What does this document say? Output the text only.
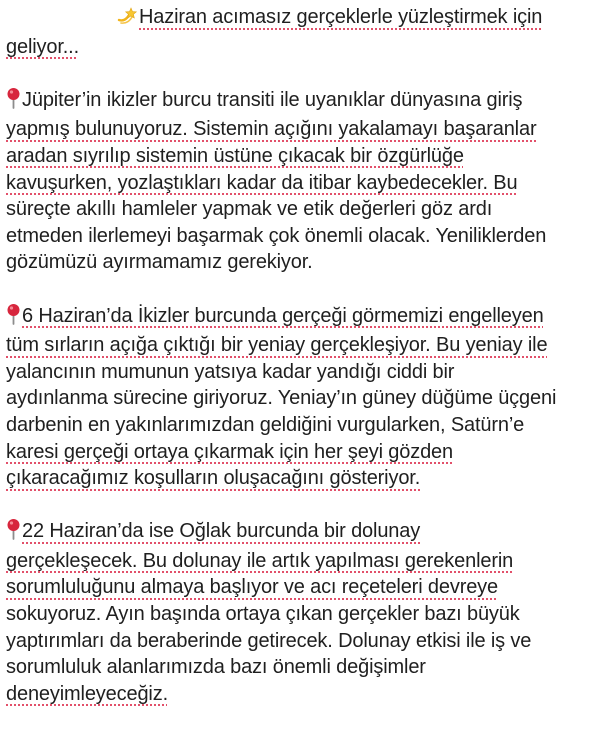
Haziran acımasız gerçeklerle yüzleştirmek için
geliyor...
Jüpiter’in ikizler burcu transiti ile uyanıklar dünyasına giriş
yapmış bulunuyoruz. Sistemin açığını yakalamayı başaranlar
aradan sıyrılıp sistemin üstüne çıkacak bir özgürlüğe
kavuşurken, yozlaştıkları kadar da itibar kaybedecekler. Bu
süreçte akıllı hamleler yapmak ve etik değerleri göz ardı
etmeden ilerlemeyi başarmak çok önemli olacak. Yeniliklerden
gözümüzü ayırmamamız gerekiyor.
6 Haziran’da İkizler burcunda gerçeği görmemizi engelleyen
tüm sırların açığa çıktığı bir yeniay gerçekleşiyor. Bu yeniay ile
yalancının mumunun yatsıya kadar yandığı ciddi bir
aydınlanma sürecine giriyoruz. Yeniay’ın güney düğüme üçgeni
darbenin en yakınlarımızdan geldiğini vurgularken, Satürn’e
karesi gerçeği ortaya çıkarmak için her şeyi gözden
çıkaracağımız koşulların oluşacağını gösteriyor.
22 Haziran’da ise Oğlak burcunda bir dolunay
gerçekleşecek. Bu dolunay ile artık yapılması gerekenlerin
sorumluluğunu almaya başlıyor ve acı reçeteleri devreye
sokuyoruz. Ayın başında ortaya çıkan gerçekler bazı büyük
yaptırımları da beraberinde getirecek. Dolunay etkisi ile iş ve
sorumluluk alanlarımızda bazı önemli değişimler
deneyimleyeceğiz.
